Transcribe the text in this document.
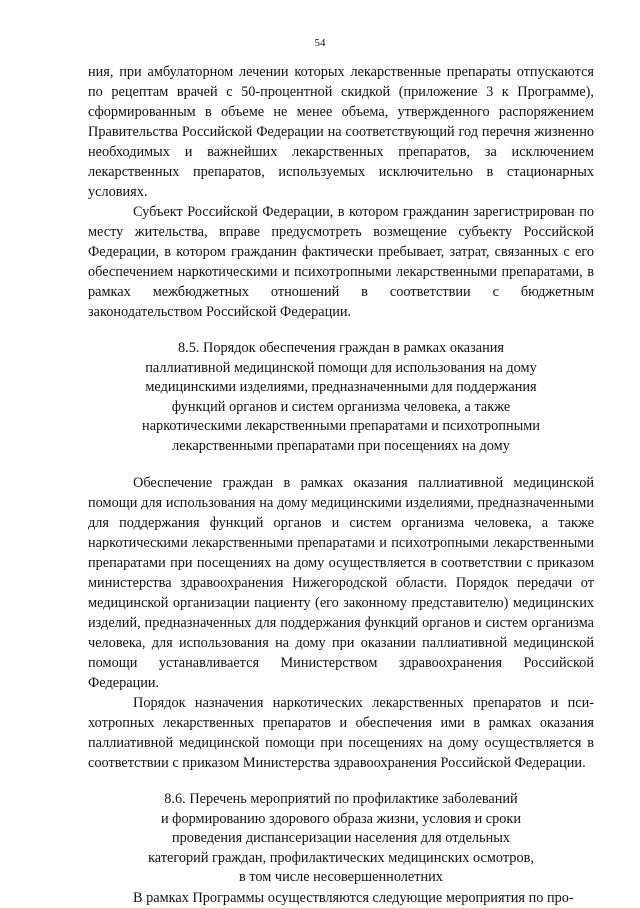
54

ния, при амбулаторном лечении которых лекарственные препараты отпускаются по рецептам врачей с 50-процентной скидкой (приложение 3 к Программе), сформированным в объеме не менее объема, утвержденного распоряжением Правительства Российской Федерации на соответствующий год перечня жизненно необходимых и важнейших лекарственных препаратов, за исключением лекарственных препаратов, используемых исключительно в стационарных условиях.

Субъект Российской Федерации, в котором гражданин зарегистрирован по месту жительства, вправе предусмотреть возмещение субъекту Российской Федерации, в котором гражданин фактически пребывает, затрат, связанных с его обеспечением наркотическими и психотропными лекарственными препаратами, в рамках межбюджетных отношений в соответствии с бюджетным законодательством Российской Федерации.

8.5. Порядок обеспечения граждан в рамках оказания
паллиативной медицинской помощи для использования на дому
медицинскими изделиями, предназначенными для поддержания
функций органов и систем организма человека, а также
наркотическими лекарственными препаратами и психотропными
лекарственными препаратами при посещениях на дому

Обеспечение граждан в рамках оказания паллиативной медицинской помощи для использования на дому медицинскими изделиями, предназначенными для поддержания функций органов и систем организма человека, а также наркотическими лекарственными препаратами и психотропными лекарственными препаратами при посещениях на дому осуществляется в соответствии с приказом министерства здравоохранения Нижегородской области. Порядок передачи от медицинской организации пациенту (его законному представителю) медицинских изделий, предназначенных для поддержания функций органов и систем организма человека, для использования на дому при оказании паллиативной медицинской помощи устанавливается Министерством здравоохранения Российской Федерации.

Порядок назначения наркотических лекарственных препаратов и психотропных лекарственных препаратов и обеспечения ими в рамках оказания паллиативной медицинской помощи при посещениях на дому осуществляется в соответствии с приказом Министерства здравоохранения Российской Федерации.

8.6. Перечень мероприятий по профилактике заболеваний
и формированию здорового образа жизни, условия и сроки
проведения диспансеризации населения для отдельных
категорий граждан, профилактических медицинских осмотров,
в том числе несовершеннолетних

В рамках Программы осуществляются следующие мероприятия по про-
